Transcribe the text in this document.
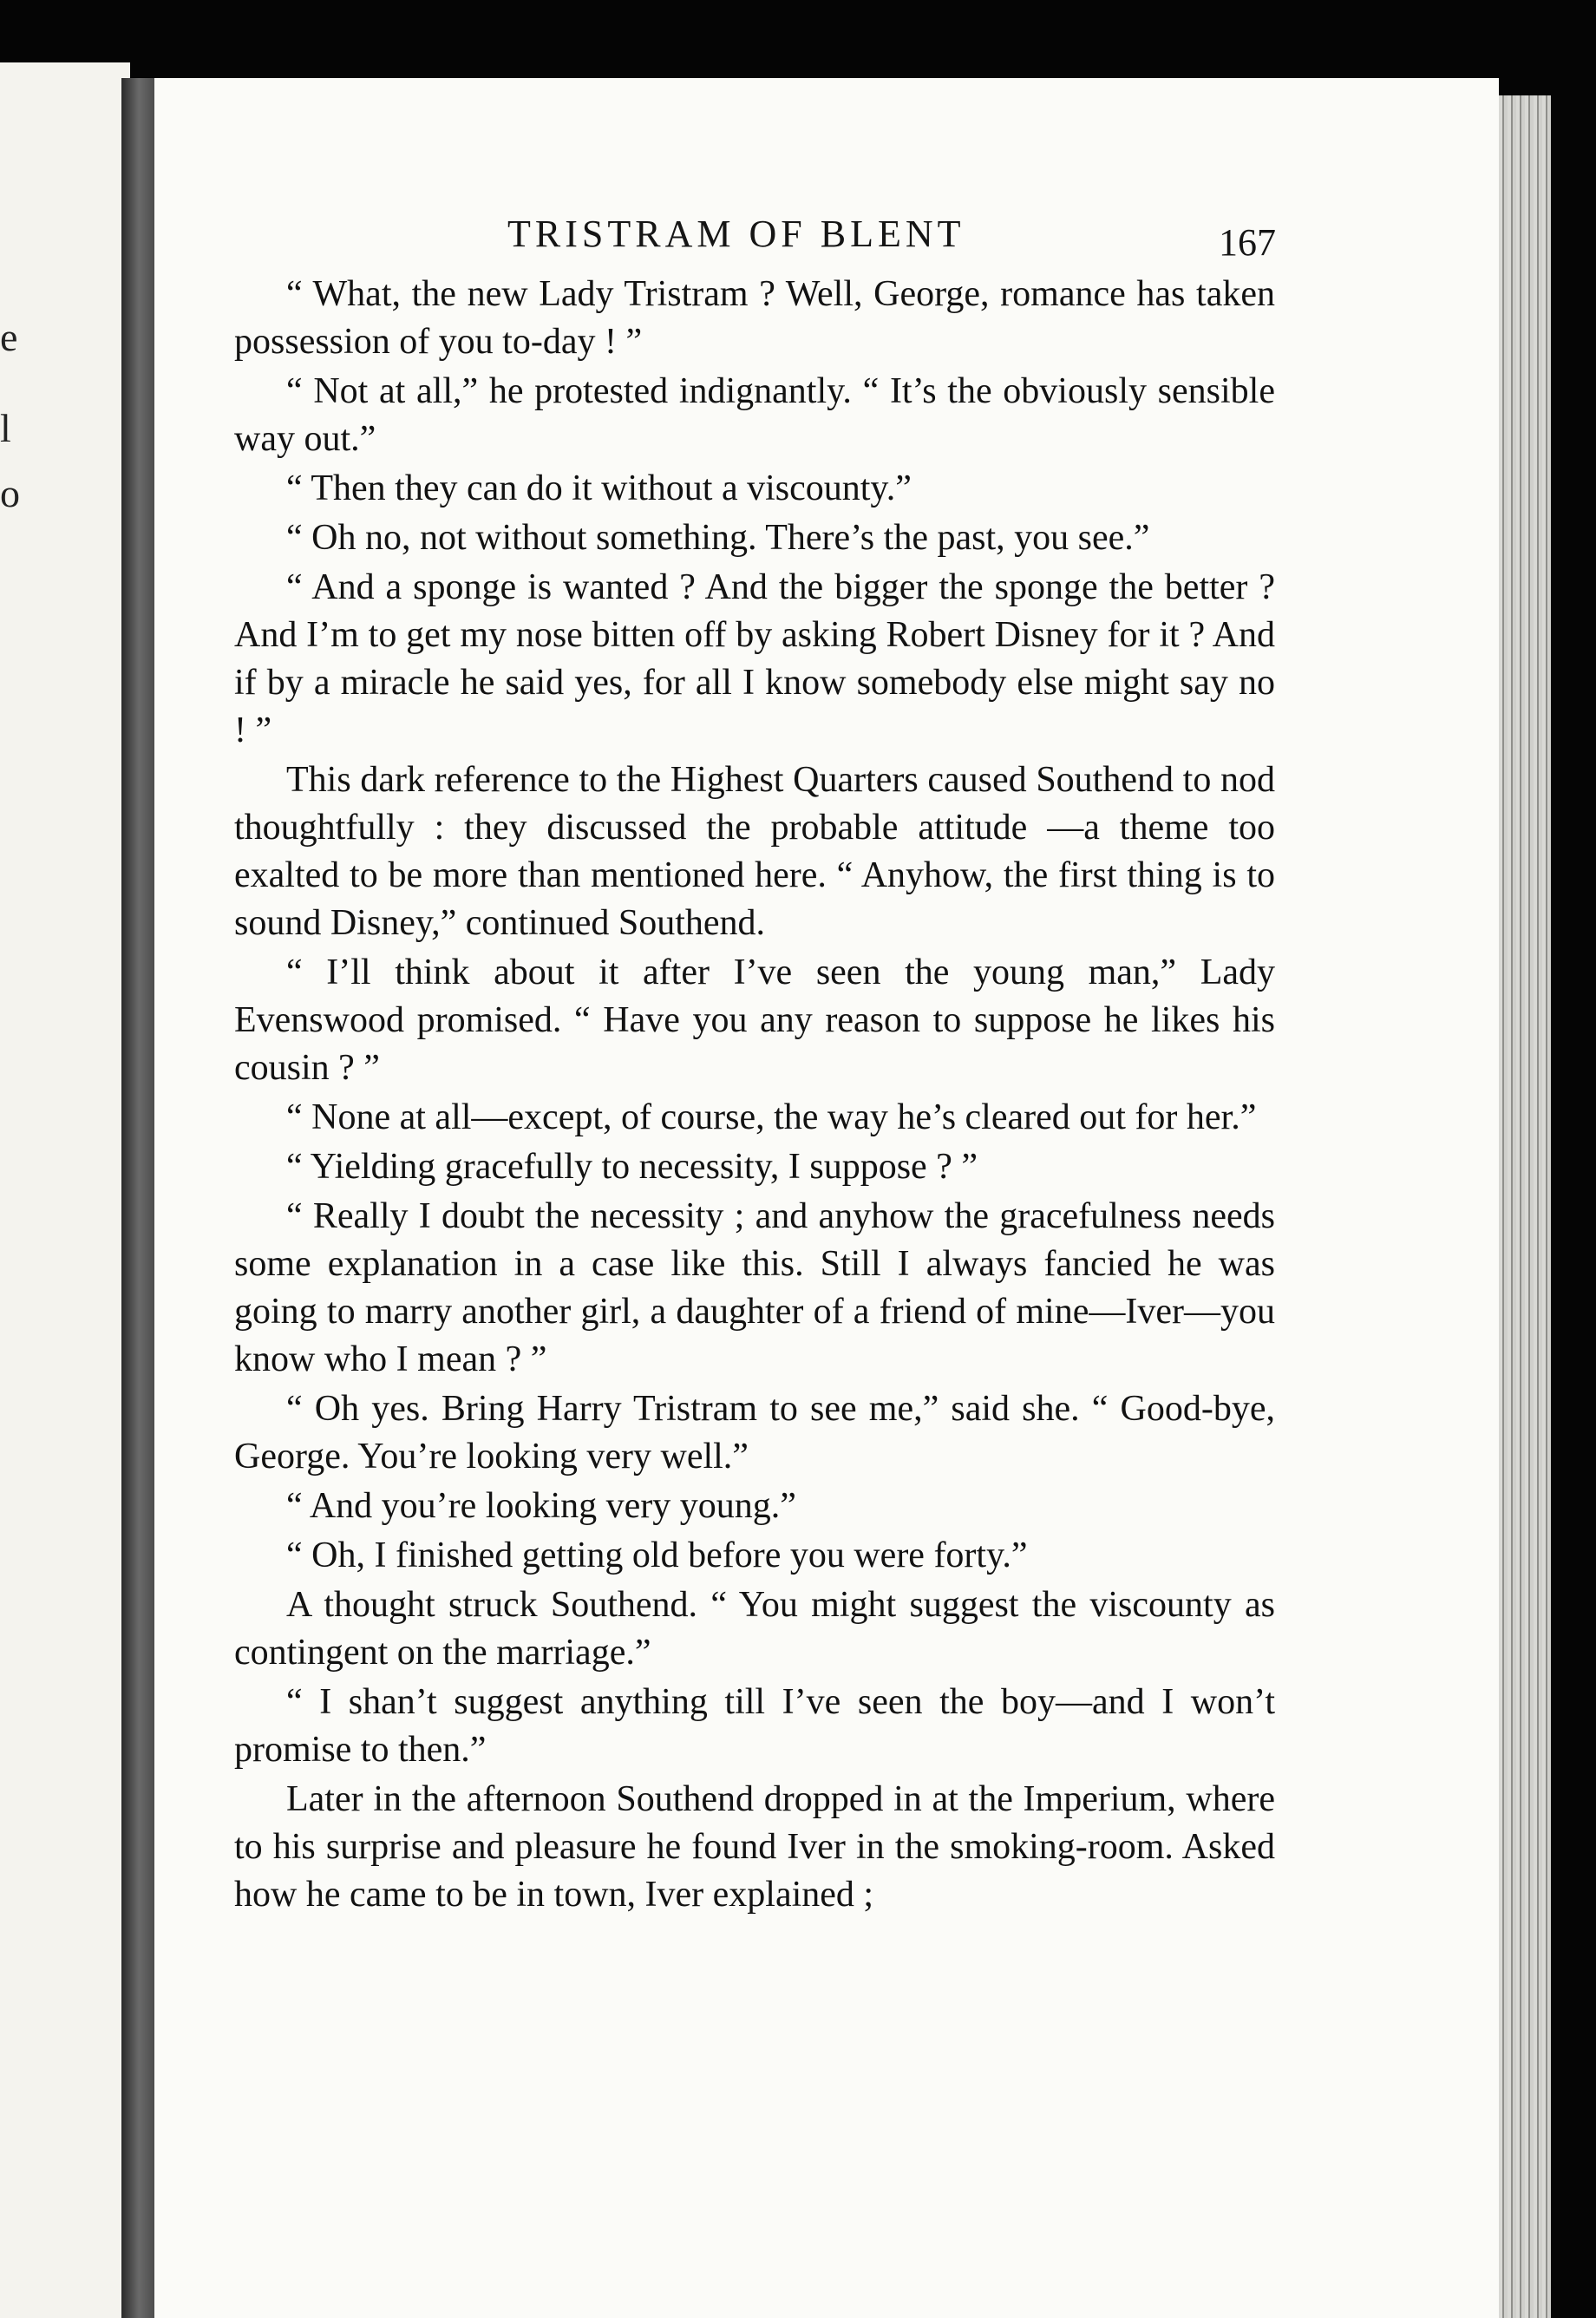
e
l
o
TRISTRAM OF BLENT	167

“ What, the new Lady Tristram ? Well, George, romance has taken possession of you to-day ! ”

“ Not at all,” he protested indignantly. “ It’s the obviously sensible way out.”

“ Then they can do it without a viscounty.”

“ Oh no, not without something. There’s the past, you see.”

“ And a sponge is wanted ? And the bigger the sponge the better ? And I’m to get my nose bitten off by asking Robert Disney for it ? And if by a miracle he said yes, for all I know somebody else might say no ! ”

This dark reference to the Highest Quarters caused Southend to nod thoughtfully : they discussed the probable attitude —a theme too exalted to be more than mentioned here. “ Anyhow, the first thing is to sound Disney,” continued Southend.

“ I’ll think about it after I’ve seen the young man,” Lady Evenswood promised. “ Have you any reason to suppose he likes his cousin ? ”

“ None at all—except, of course, the way he’s cleared out for her.”

“ Yielding gracefully to necessity, I suppose ? ”

“ Really I doubt the necessity ; and anyhow the gracefulness needs some explanation in a case like this. Still I always fancied he was going to marry another girl, a daughter of a friend of mine—Iver—you know who I mean ? ”

“ Oh yes. Bring Harry Tristram to see me,” said she. “ Good-bye, George. You’re looking very well.”

“ And you’re looking very young.”

“ Oh, I finished getting old before you were forty.”

A thought struck Southend. “ You might suggest the viscounty as contingent on the marriage.”

“ I shan’t suggest anything till I’ve seen the boy—and I won’t promise to then.”

Later in the afternoon Southend dropped in at the Imperium, where to his surprise and pleasure he found Iver in the smoking-room. Asked how he came to be in town, Iver explained ;
